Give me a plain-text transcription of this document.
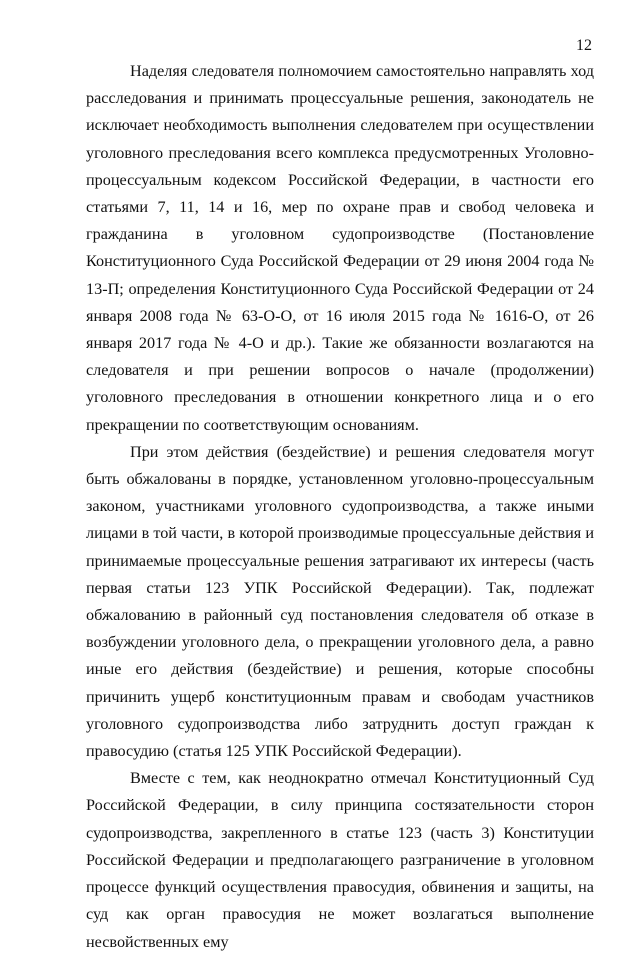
12

Наделяя следователя полномочием самостоятельно направлять ход расследования и принимать процессуальные решения, законодатель не исключает необходимость выполнения следователем при осуществлении уголовного преследования всего комплекса предусмотренных Уголовно-процессуальным кодексом Российской Федерации, в частности его статьями 7, 11, 14 и 16, мер по охране прав и свобод человека и гражданина в уголовном судопроизводстве (Постановление Конституционного Суда Российской Федерации от 29 июня 2004 года № 13-П; определения Конституционного Суда Российской Федерации от 24 января 2008 года № 63-О-О, от 16 июля 2015 года № 1616-О, от 26 января 2017 года № 4-О и др.). Такие же обязанности возлагаются на следователя и при решении вопросов о начале (продолжении) уголовного преследования в отношении конкретного лица и о его прекращении по соответствующим основаниям.

При этом действия (бездействие) и решения следователя могут быть обжалованы в порядке, установленном уголовно-процессуальным законом, участниками уголовного судопроизводства, а также иными лицами в той части, в которой производимые процессуальные действия и принимаемые процессуальные решения затрагивают их интересы (часть первая статьи 123 УПК Российской Федерации). Так, подлежат обжалованию в районный суд постановления следователя об отказе в возбуждении уголовного дела, о прекращении уголовного дела, а равно иные его действия (бездействие) и решения, которые способны причинить ущерб конституционным правам и свободам участников уголовного судопроизводства либо затруднить доступ граждан к правосудию (статья 125 УПК Российской Федерации).

Вместе с тем, как неоднократно отмечал Конституционный Суд Российской Федерации, в силу принципа состязательности сторон судопроизводства, закрепленного в статье 123 (часть 3) Конституции Российской Федерации и предполагающего разграничение в уголовном процессе функций осуществления правосудия, обвинения и защиты, на суд как орган правосудия не может возлагаться выполнение несвойственных ему
